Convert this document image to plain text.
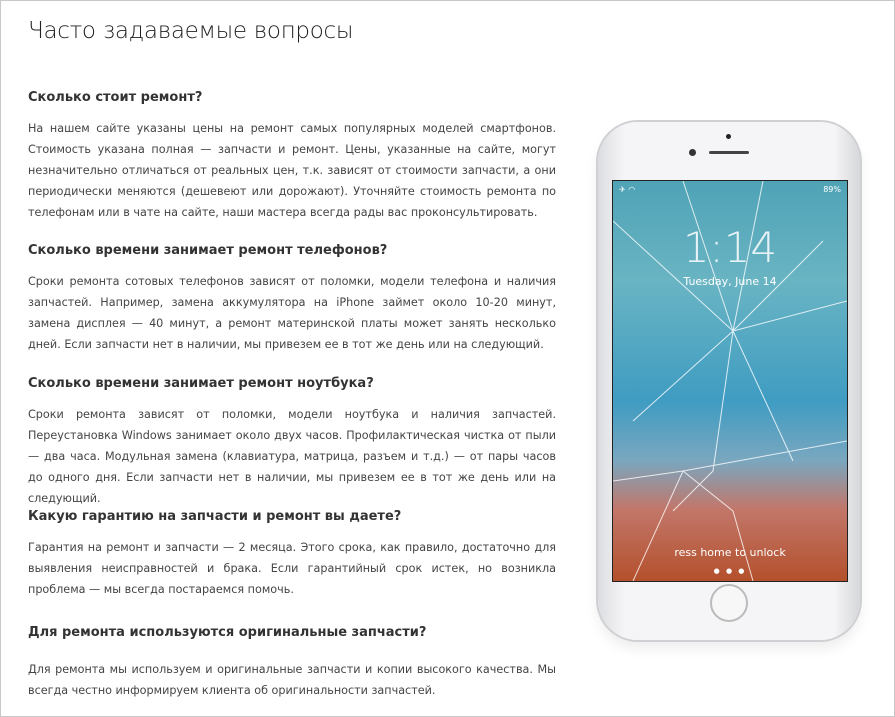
Часто задаваемые вопросы

Сколько стоит ремонт?

На нашем сайте указаны цены на ремонт самых популярных моделей смартфонов. Стоимость указана полная — запчасти и ремонт. Цены, указанные на сайте, могут незначительно отличаться от реальных цен, т.к. зависят от стоимости запчасти, а они периодически меняются (дешевеют или дорожают). Уточняйте стоимость ремонта по телефонам или в чате на сайте, наши мастера всегда рады вас проконсультировать.

Сколько времени занимает ремонт телефонов?

Сроки ремонта сотовых телефонов зависят от поломки, модели телефона и наличия запчастей. Например, замена аккумулятора на iPhone займет около 10-20 минут, замена дисплея — 40 минут, а ремонт материнской платы может занять несколько дней. Если запчасти нет в наличии, мы привезем ее в тот же день или на следующий.

Сколько времени занимает ремонт ноутбука?

Сроки ремонта зависят от поломки, модели ноутбука и наличия запчастей. Переустановка Windows занимает около двух часов. Профилактическая чистка от пыли — два часа. Модульная замена (клавиатура, матрица, разъем и т.д.) — от пары часов до одного дня. Если запчасти нет в наличии, мы привезем ее в тот же день или на следующий.

Какую гарантию на запчасти и ремонт вы даете?

Гарантия на ремонт и запчасти — 2 месяца. Этого срока, как правило, достаточно для выявления неисправностей и брака. Если гарантийный срок истек, но возникла проблема — мы всегда постараемся помочь.

Для ремонта используются оригинальные запчасти?

Для ремонта мы используем и оригинальные запчасти и копии высокого качества. Мы всегда честно информируем клиента об оригинальности запчастей.

✈ ◠	89%
1:14
Tuesday, June 14
ress home to unlock
● ● ●
